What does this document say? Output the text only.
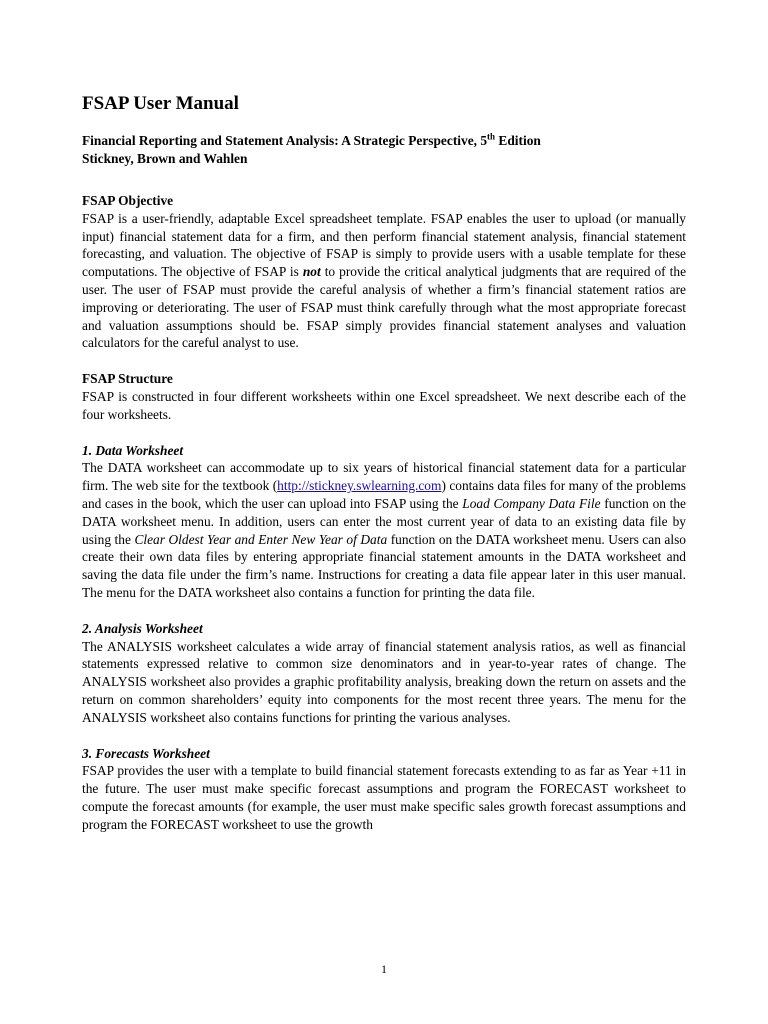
FSAP User Manual

Financial Reporting and Statement Analysis: A Strategic Perspective, 5th Edition

Stickney, Brown and Wahlen

FSAP Objective

FSAP is a user-friendly, adaptable Excel spreadsheet template. FSAP enables the user to upload (or manually input) financial statement data for a firm, and then perform financial statement analysis, financial statement forecasting, and valuation. The objective of FSAP is simply to provide users with a usable template for these computations. The objective of FSAP is not to provide the critical analytical judgments that are required of the user. The user of FSAP must provide the careful analysis of whether a firm’s financial statement ratios are improving or deteriorating. The user of FSAP must think carefully through what the most appropriate forecast and valuation assumptions should be. FSAP simply provides financial statement analyses and valuation calculators for the careful analyst to use.

FSAP Structure

FSAP is constructed in four different worksheets within one Excel spreadsheet. We next describe each of the four worksheets.

1. Data Worksheet

The DATA worksheet can accommodate up to six years of historical financial statement data for a particular firm. The web site for the textbook (http://stickney.swlearning.com) contains data files for many of the problems and cases in the book, which the user can upload into FSAP using the Load Company Data File function on the DATA worksheet menu. In addition, users can enter the most current year of data to an existing data file by using the Clear Oldest Year and Enter New Year of Data function on the DATA worksheet menu. Users can also create their own data files by entering appropriate financial statement amounts in the DATA worksheet and saving the data file under the firm’s name. Instructions for creating a data file appear later in this user manual. The menu for the DATA worksheet also contains a function for printing the data file.

2. Analysis Worksheet

The ANALYSIS worksheet calculates a wide array of financial statement analysis ratios, as well as financial statements expressed relative to common size denominators and in year-to-year rates of change. The ANALYSIS worksheet also provides a graphic profitability analysis, breaking down the return on assets and the return on common shareholders’ equity into components for the most recent three years. The menu for the ANALYSIS worksheet also contains functions for printing the various analyses.

3. Forecasts Worksheet

FSAP provides the user with a template to build financial statement forecasts extending to as far as Year +11 in the future. The user must make specific forecast assumptions and program the FORECAST worksheet to compute the forecast amounts (for example, the user must make specific sales growth forecast assumptions and program the FORECAST worksheet to use the growth

1
